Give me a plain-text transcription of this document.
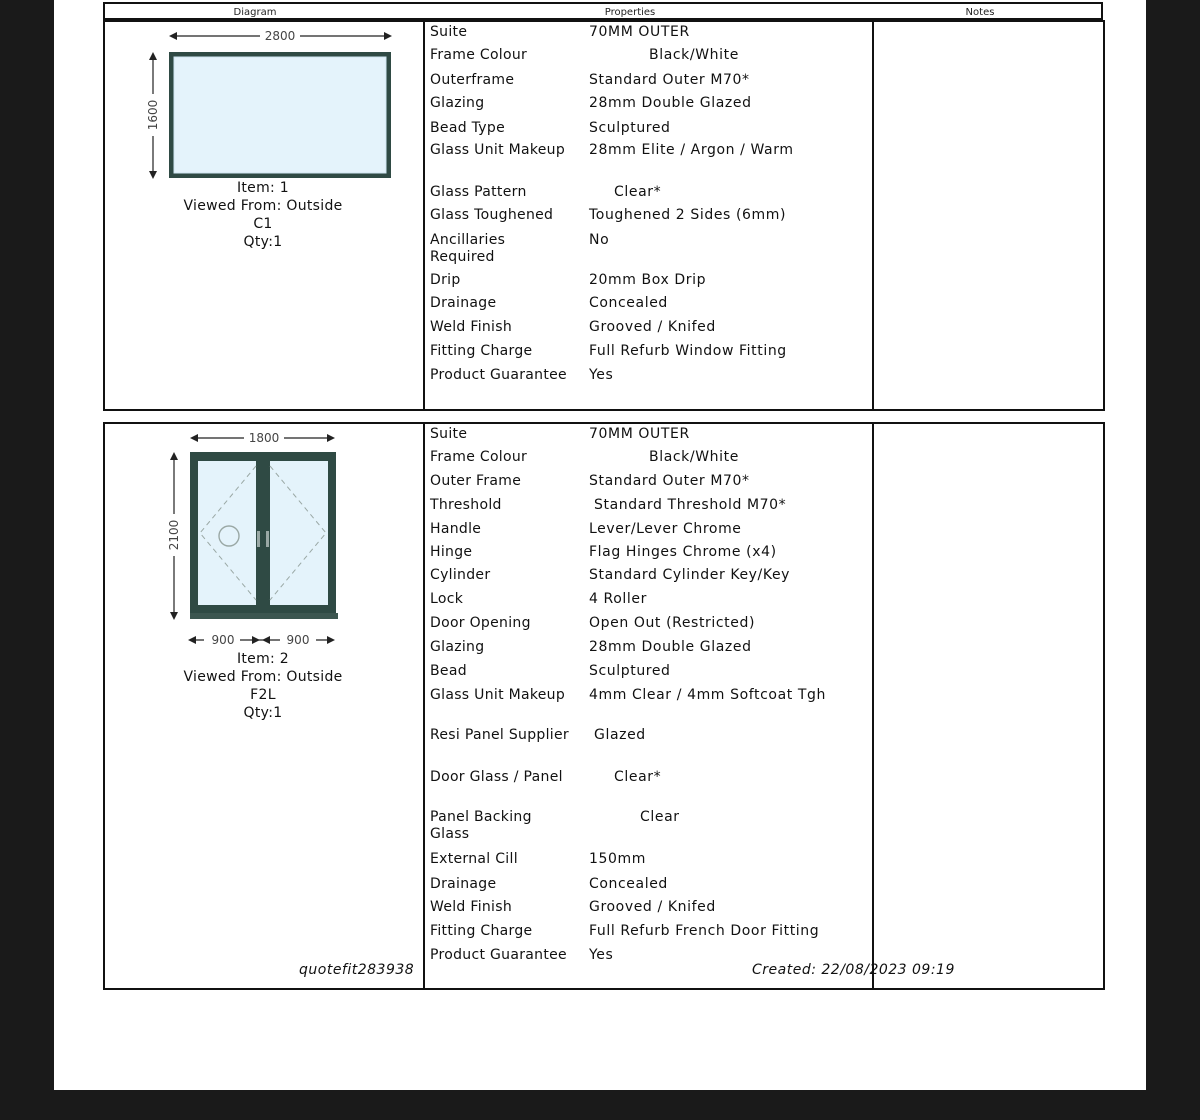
Diagram	Properties	Notes
2800
1600
Item: 1
Viewed From: Outside
C1
Qty:1
Suite	70MM OUTER
Frame Colour	Black/White
Outerframe	Standard Outer M70*
Glazing	28mm Double Glazed
Bead Type	Sculptured
Glass Unit Makeup 28mm Elite / Argon / Warm
Glass Pattern	Clear*
Glass Toughened	Toughened 2 Sides (6mm)
Ancillaries Required
No
Drip	20mm Box Drip
Drainage	Concealed
Weld Finish	Grooved / Knifed
Fitting Charge	Full Refurb Window Fitting
Product Guarantee Yes
1800
2100
900	900
Item: 2
Viewed From: Outside
F2L
Qty:1
Suite	70MM OUTER
Frame Colour	Black/White
Outer Frame	Standard Outer M70*
Threshold	Standard Threshold M70*
Handle	Lever/Lever Chrome
Hinge	Flag Hinges Chrome (x4)
Cylinder	Standard Cylinder Key/Key
Lock	4 Roller
Door Opening	Open Out (Restricted)
Glazing	28mm Double Glazed
Bead	Sculptured
Glass Unit Makeup 4mm Clear / 4mm Softcoat Tgh
Resi Panel Supplier Glazed
Door Glass / Panel	Clear*
Panel Backing Glass
Clear
External Cill	150mm
Drainage	Concealed
Weld Finish	Grooved / Knifed
Fitting Charge	Full Refurb French Door Fitting
Product Guarantee Yes
quotefit283938	Created: 22/08/2023 09:19
